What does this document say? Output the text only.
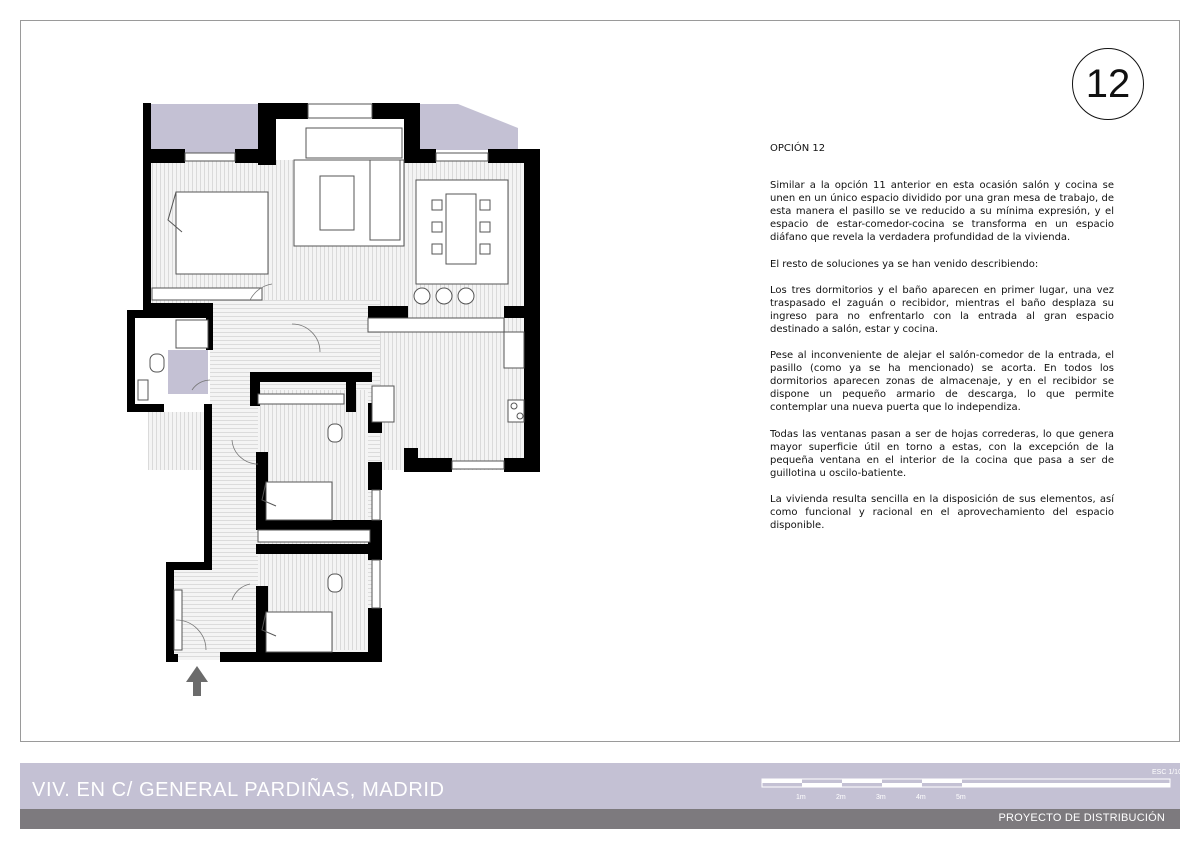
12
OPCIÓN 12

Similar a la opción 11 anterior en esta ocasión salón y cocina se unen en un único espacio dividido por una gran mesa de trabajo, de esta manera el pasillo se ve reducido a su mínima expresión, y el espacio de estar-comedor-cocina se transforma en un espacio diáfano que revela la verdadera profundidad de la vivienda.

El resto de soluciones ya se han venido describiendo:

Los tres dormitorios y el baño aparecen en primer lugar, una vez traspasado el zaguán o recibidor, mientras el baño desplaza su ingreso para no enfrentarlo con la entrada al gran espacio destinado a salón, estar y cocina.

Pese al inconveniente de alejar el salón-comedor de la entrada, el pasillo (como ya se ha mencionado) se acorta. En todos los dormitorios aparecen zonas de almacenaje, y en el recibidor se dispone un pequeño armario de descarga, lo que permite contemplar una nueva puerta que lo independiza.

Todas las ventanas pasan a ser de hojas correderas, lo que genera mayor superficie útil en torno a estas, con la excepción de la pequeña ventana en el interior de la cocina que pasa a ser de guillotina u oscilo-batiente.

La vivienda resulta sencilla en la disposición de sus elementos, así como funcional y racional en el aprovechamiento del espacio disponible.

VIV. EN C/ GENERAL PARDIÑAS, MADRID
PROYECTO DE DISTRIBUCIÓN
ESC 1/100
1m	2m	3m	4m	5m
